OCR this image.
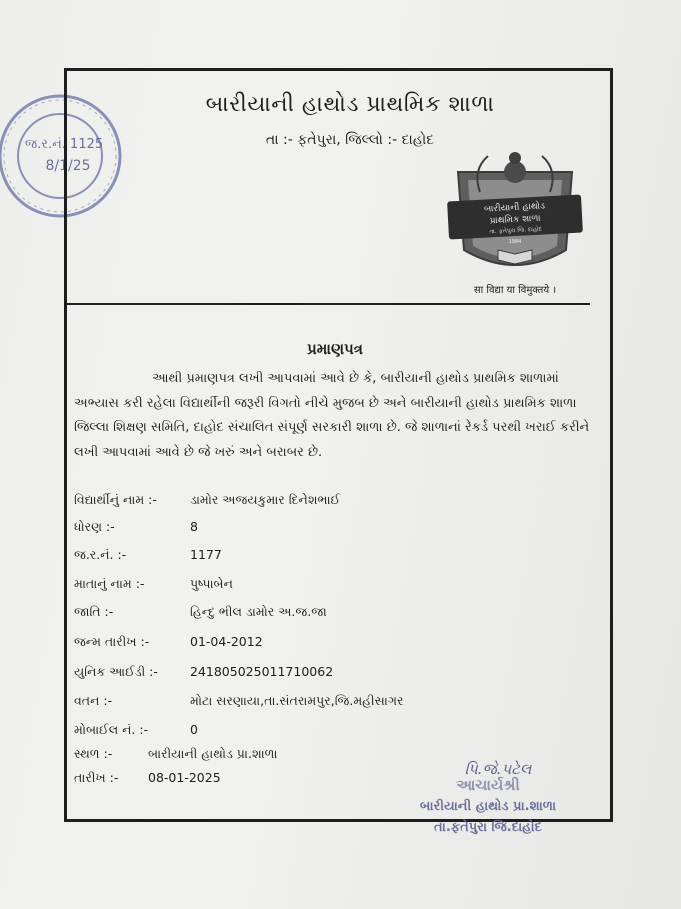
જ.ર.નં. 1125
8/1/25
બારીયાની હાથોડ પ્રાથમિક શાળા
તા :- ફતેપુરા, જિલ્લો :- દાહોદ
બારીયાની હાથોડ
પ્રાથમિક શાળા
તા. ફતેપુરા જિ. દાહોદ
1984
सा विद्या या विमुक्तये ।
પ્રમાણપત્ર
આથી પ્રમાણપત્ર લખી આપવામાં આવે છે કે, બારીયાની હાથોડ પ્રાથમિક શાળામાં અભ્યાસ કરી રહેલા વિદ્યાર્થીની જરૂરી વિગતો નીચે મુજબ છે અને બારીયાની હાથોડ પ્રાથમિક શાળા જિલ્લા શિક્ષણ સમિતિ, દાહોદ સંચાલિત સંપૂર્ણ સરકારી શાળા છે. જે શાળાનાં રેકર્ડ પરથી ખરાઈ કરીને લખી આપવામાં આવે છે જે ખરું અને બરાબર છે.
વિદ્યાર્થીનું નામ :-	ડામોર અજયકુમાર દિનેશભાઈ
ધોરણ :-	8
જ.ર.નં. :-	1177
માતાનું નામ :-	પુષ્પાબેન
જાતિ :-	હિન્દુ ભીલ ડામોર અ.જ.જા
જન્મ તારીખ :-	01-04-2012
યુનિક આઈડી :-	241805025011710062
વતન :-	મોટા સરણાયા,તા.સંતરામપુર,જિ.મહીસાગર
મોબાઈલ નં. :-	0
સ્થળ :-	બારીયાની હાથોડ પ્રા.શાળા
તારીખ :- 08-01-2025	પિ.જે.પટેલ
આચાર્યશ્રી
બારીયાની હાથોડ પ્રા.શાળા
તા.ફતેપુરા જિ.દાહોદ
